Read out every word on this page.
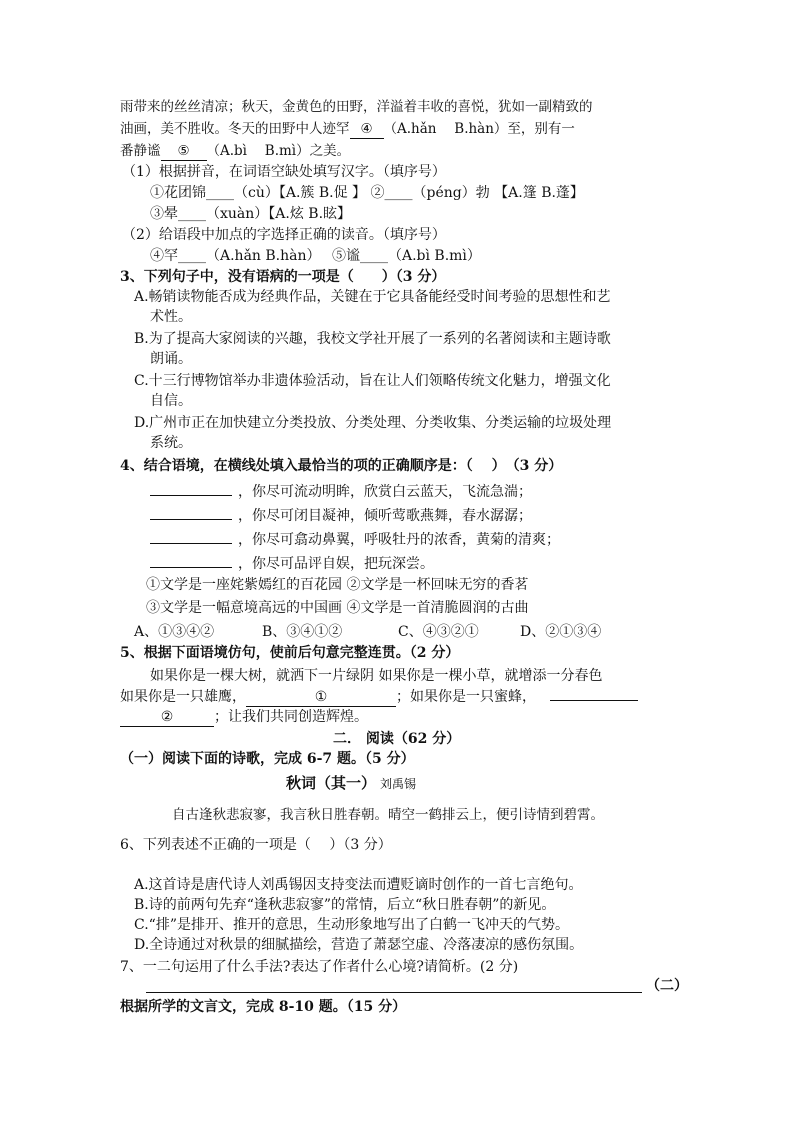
雨带来的丝丝清凉；秋天，金黄色的田野，洋溢着丰收的喜悦，犹如一副精致的
油画，美不胜收。冬天的田野中人迹罕 ④ （A.hǎn　 B.hàn）至，别有一
番静谧 ⑤ （A.bì　 B.mì）之美。
（1）根据拼音，在词语空缺处填写汉字。（填序号）
①花团锦____（cù）【A.簇 B.促 】 ②____（péng）勃 【A.篷 B.蓬】
③晕____（xuàn）【A.炫 B.眩】
（2）给语段中加点的字选择正确的读音。（填序号）
④罕____（A.hǎn B.hàn）　 ⑤谧____（A.bì B.mì）
3、下列句子中，没有语病的一项是（　　）（3 分）
A.畅销读物能否成为经典作品，关键在于它具备能经受时间考验的思想性和艺
术性。
B.为了提高大家阅读的兴趣，我校文学社开展了一系列的名著阅读和主题诗歌
朗诵。
C.十三行博物馆举办非遗体验活动，旨在让人们领略传统文化魅力，增强文化
自信。
D.广州市正在加快建立分类投放、分类处理、分类收集、分类运输的垃圾处理
系统。
4、结合语境，在横线处填入最恰当的项的正确顺序是：（　 ）　（3 分）
，你尽可流动明眸，欣赏白云蓝天，飞流急湍；
，你尽可闭目凝神，倾听莺歌燕舞，春水潺潺；
，你尽可翕动鼻翼，呼吸牡丹的浓香，黄菊的清爽；
，你尽可品评自娱，把玩深尝。
①文学是一座姹紫嫣红的百花园 ②文学是一杯回味无穷的香茗
③文学是一幅意境高远的中国画 ④文学是一首清脆圆润的古曲
A、①③④②	B、③④①②	C、④③②①	D、②①③④
5、根据下面语境仿句，使前后句意完整连贯。（2 分）
如果你是一棵大树，就洒下一片绿阴 如果你是一棵小草，就增添一分春色
如果你是一只雄鹰，	①	；如果你是一只蜜蜂，
②	；让我们共同创造辉煌。
二． 阅读（62 分）
（一）阅读下面的诗歌，完成 6-7 题。（5 分）
秋词（其一） 刘禹锡
自古逢秋悲寂寥，我言秋日胜春朝。晴空一鹤排云上，便引诗情到碧霄。
6、下列表述不正确的一项是（　 ）（3 分）
A.这首诗是唐代诗人刘禹锡因支持变法而遭贬谪时创作的一首七言绝句。
B.诗的前两句先弃“逢秋悲寂寥”的常情，后立“秋日胜春朝”的新见。
C.“排”是排开、推开的意思，生动形象地写出了白鹤一飞冲天的气势。
D.全诗通过对秋景的细腻描绘，营造了萧瑟空虚、冷落凄凉的感伤氛围。
7、一二句运用了什么手法?表达了作者什么心境?请简析。(2 分)
（二）
根据所学的文言文，完成 8-10 题。（15 分）
